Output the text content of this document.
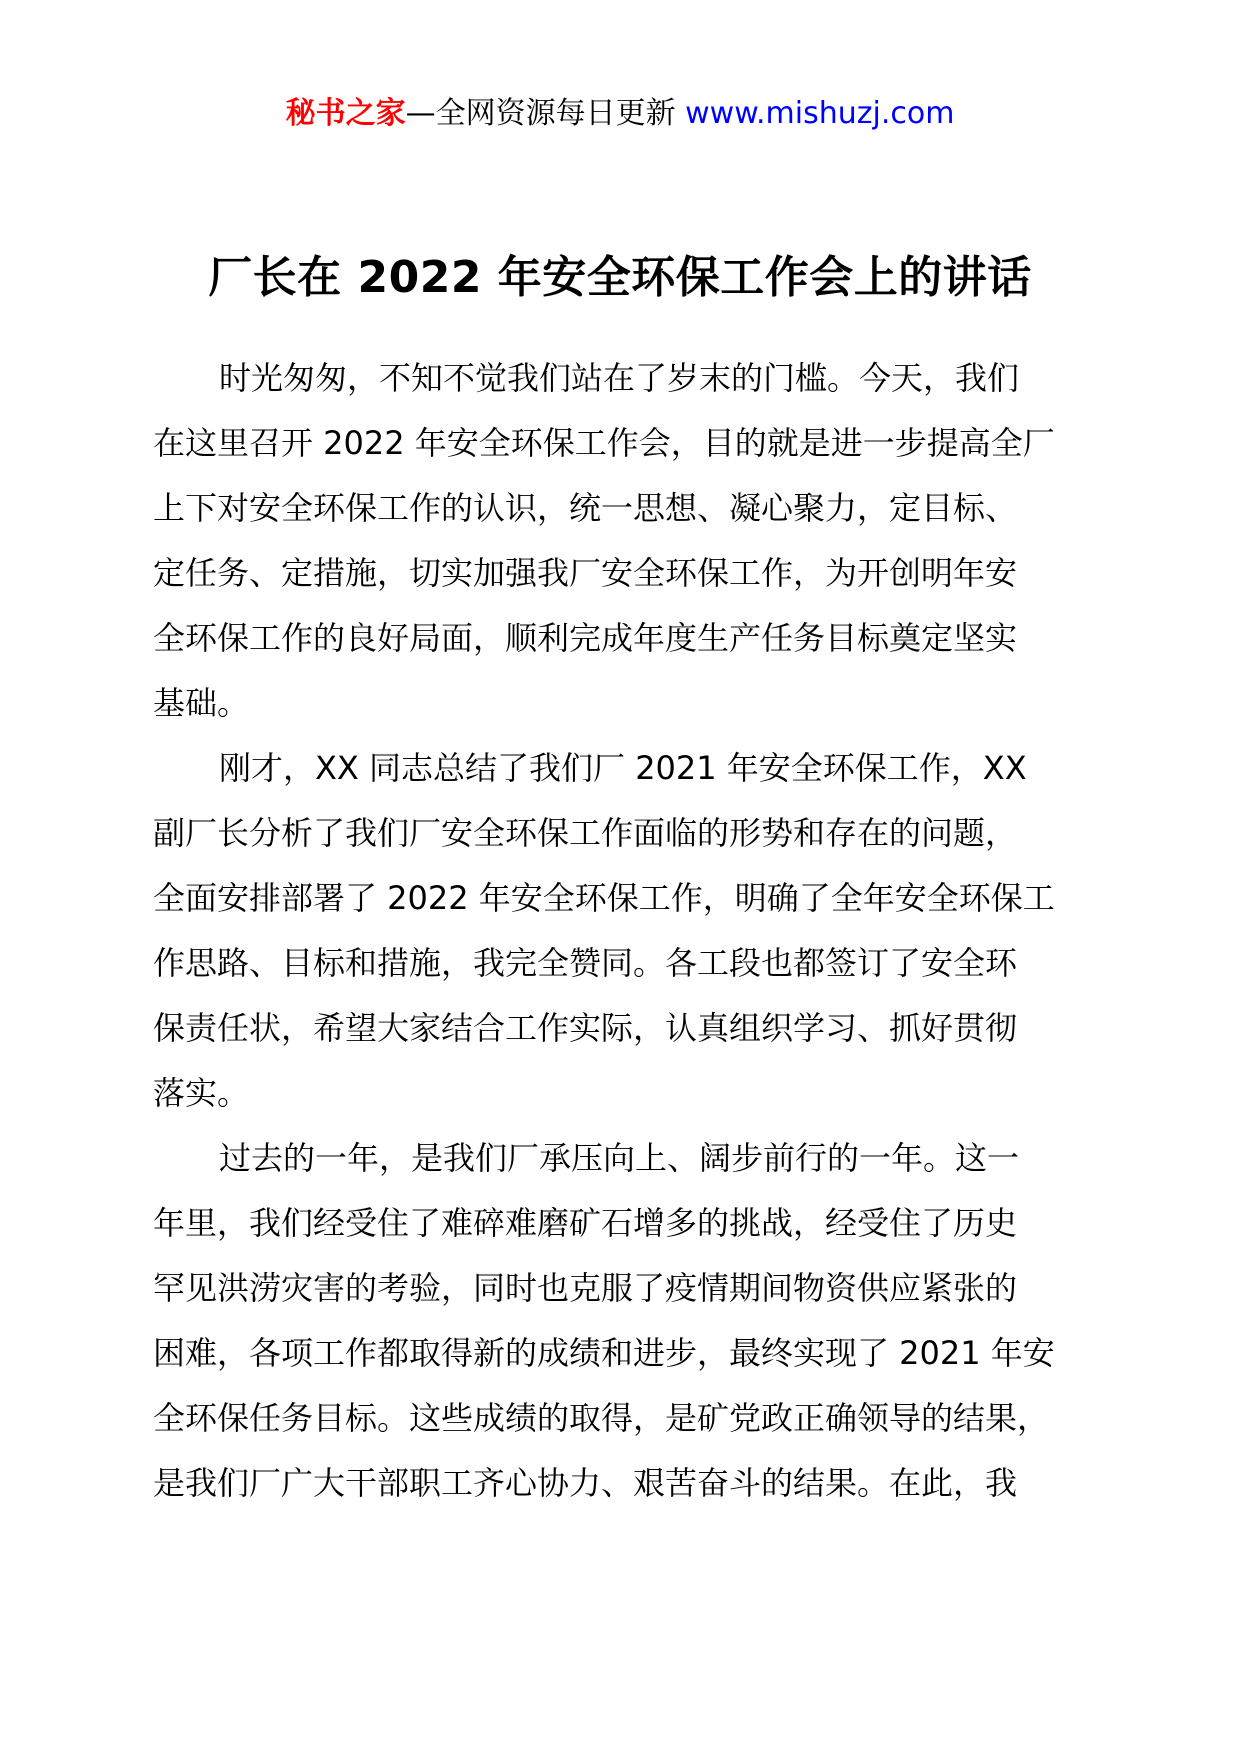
秘书之家—全网资源每日更新 www.mishuzj.com
厂长在 2022 年安全环保工作会上的讲话

时光匆匆，不知不觉我们站在了岁末的门槛。今天，我们
在这里召开 2022 年安全环保工作会，目的就是进一步提高全厂
上下对安全环保工作的认识，统一思想、凝心聚力，定目标、
定任务、定措施，切实加强我厂安全环保工作，为开创明年安
全环保工作的良好局面，顺利完成年度生产任务目标奠定坚实
基础。

刚才，XX 同志总结了我们厂 2021 年安全环保工作，XX
副厂长分析了我们厂安全环保工作面临的形势和存在的问题，
全面安排部署了 2022 年安全环保工作，明确了全年安全环保工
作思路、目标和措施，我完全赞同。各工段也都签订了安全环
保责任状，希望大家结合工作实际，认真组织学习、抓好贯彻
落实。

过去的一年，是我们厂承压向上、阔步前行的一年。这一
年里，我们经受住了难碎难磨矿石增多的挑战，经受住了历史
罕见洪涝灾害的考验，同时也克服了疫情期间物资供应紧张的
困难，各项工作都取得新的成绩和进步，最终实现了 2021 年安
全环保任务目标。这些成绩的取得，是矿党政正确领导的结果，
是我们厂广大干部职工齐心协力、艰苦奋斗的结果。在此，我
